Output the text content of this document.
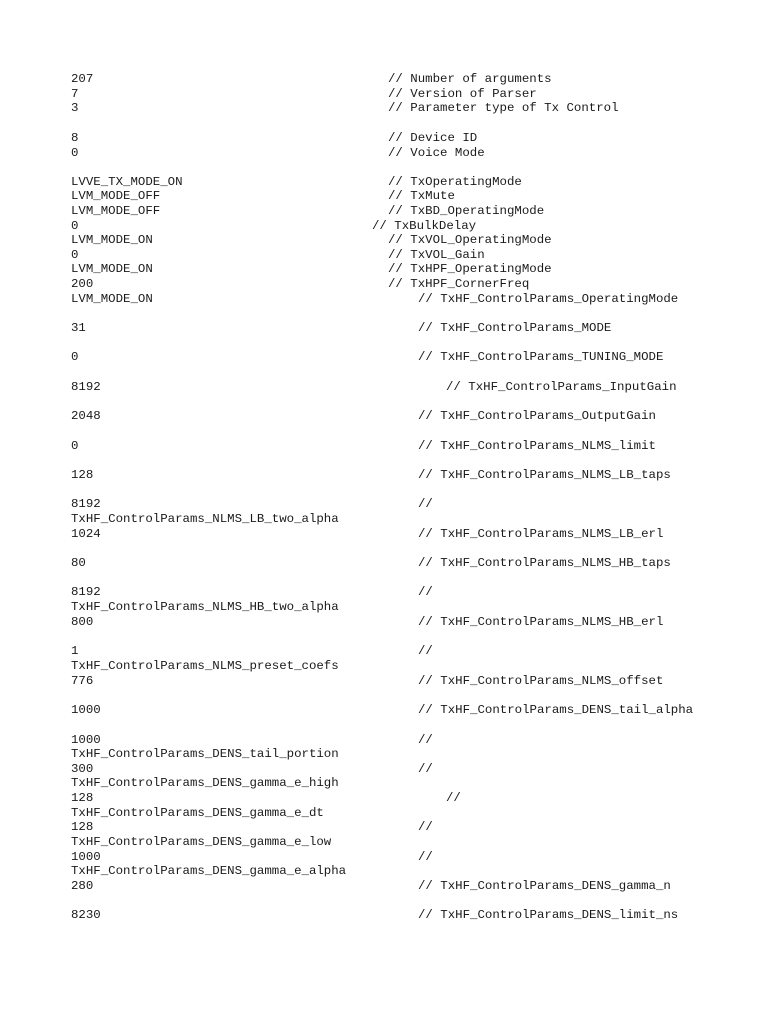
207	// Number of arguments
7	// Version of Parser
3	// Parameter type of Tx Control
8	// Device ID
0	// Voice Mode
LVVE_TX_MODE_ON	// TxOperatingMode
LVM_MODE_OFF	// TxMute
LVM_MODE_OFF	// TxBD_OperatingMode
0	// TxBulkDelay
LVM_MODE_ON	// TxVOL_OperatingMode
0	// TxVOL_Gain
LVM_MODE_ON	// TxHPF_OperatingMode
200	// TxHPF_CornerFreq
LVM_MODE_ON	// TxHF_ControlParams_OperatingMode
31	// TxHF_ControlParams_MODE
0	// TxHF_ControlParams_TUNING_MODE
8192	// TxHF_ControlParams_InputGain
2048	// TxHF_ControlParams_OutputGain
0	// TxHF_ControlParams_NLMS_limit
128	// TxHF_ControlParams_NLMS_LB_taps
8192	//
TxHF_ControlParams_NLMS_LB_two_alpha
1024	// TxHF_ControlParams_NLMS_LB_erl
80	// TxHF_ControlParams_NLMS_HB_taps
8192	//
TxHF_ControlParams_NLMS_HB_two_alpha
800	// TxHF_ControlParams_NLMS_HB_erl
1	//
TxHF_ControlParams_NLMS_preset_coefs
776	// TxHF_ControlParams_NLMS_offset
1000	// TxHF_ControlParams_DENS_tail_alpha
1000	//
TxHF_ControlParams_DENS_tail_portion
300	//
TxHF_ControlParams_DENS_gamma_e_high
128	//
TxHF_ControlParams_DENS_gamma_e_dt
128	//
TxHF_ControlParams_DENS_gamma_e_low
1000	//
TxHF_ControlParams_DENS_gamma_e_alpha
280	// TxHF_ControlParams_DENS_gamma_n
8230	// TxHF_ControlParams_DENS_limit_ns
